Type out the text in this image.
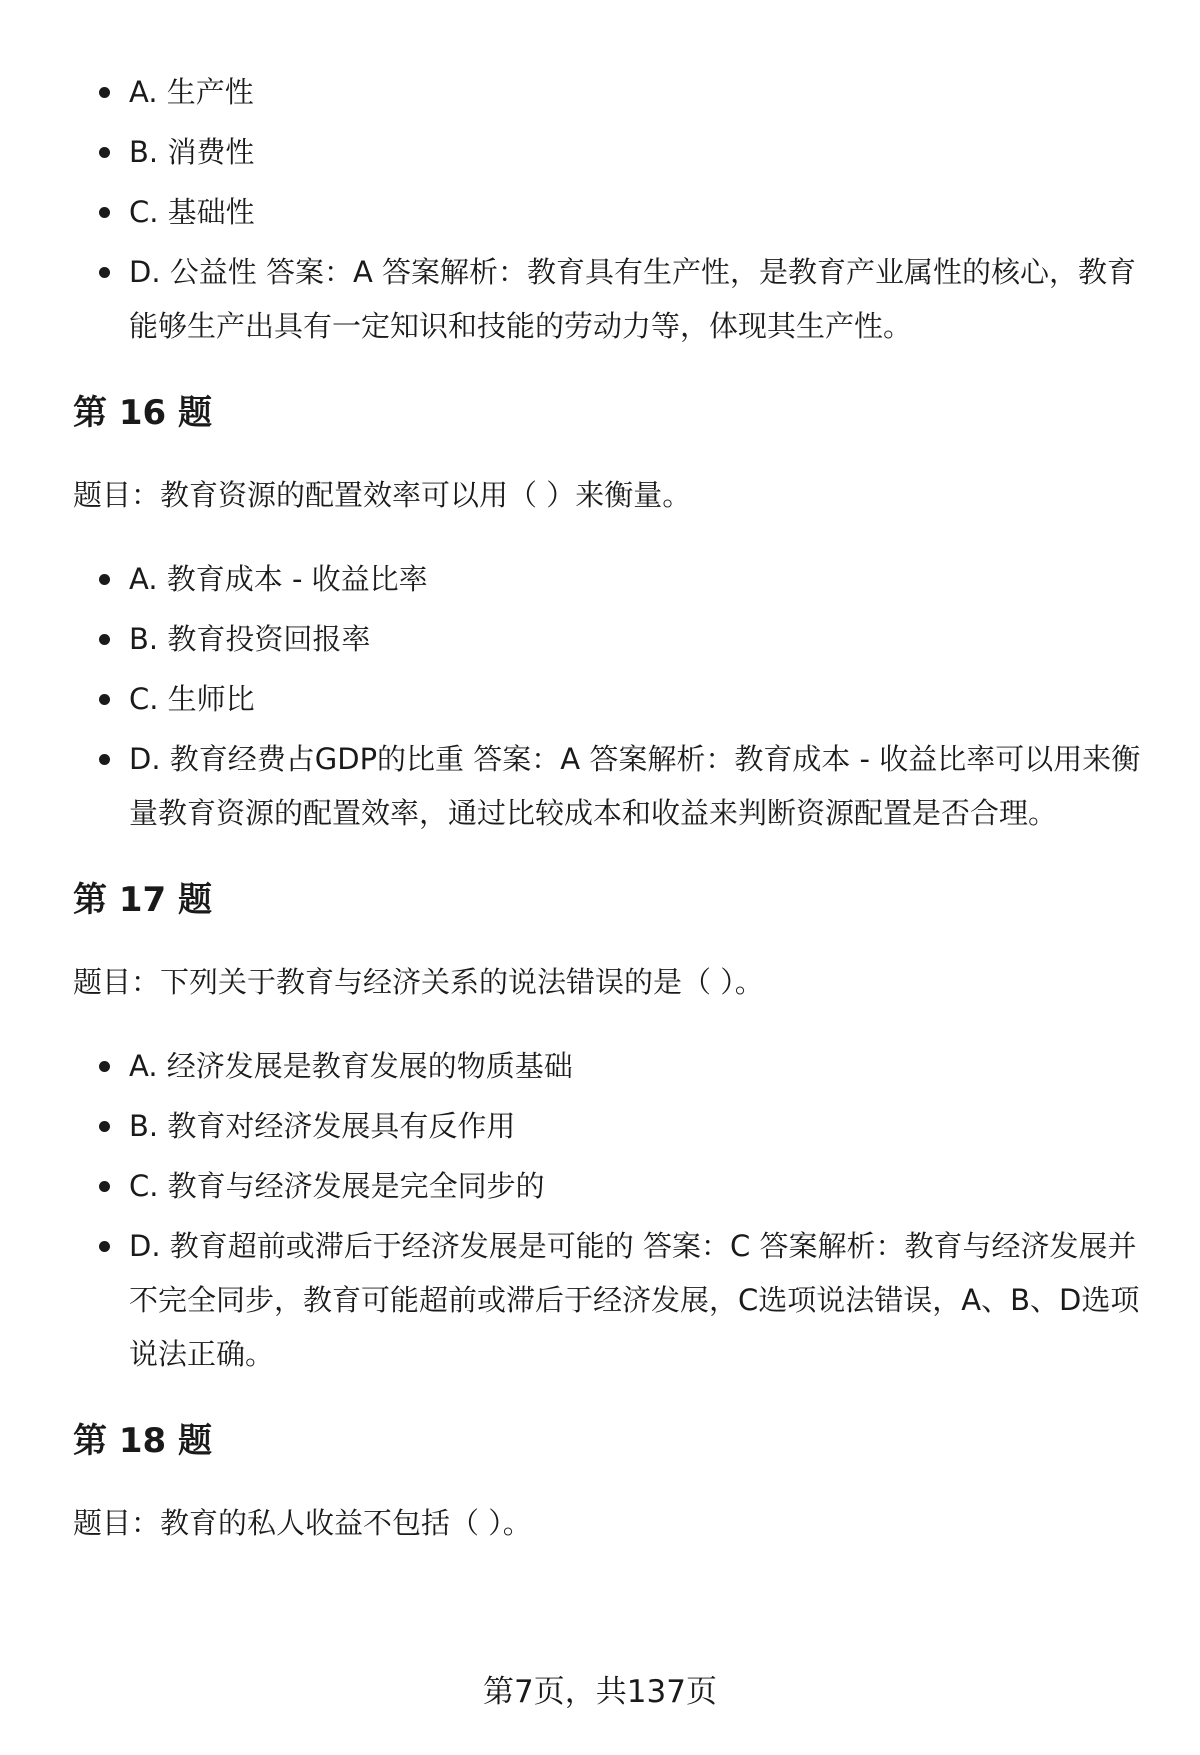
A. 生产性
B. 消费性
C. 基础性
D. 公益性 答案：A 答案解析：教育具有生产性，是教育产业属性的核心，教育能够生产出具有一定知识和技能的劳动力等，体现其生产性。
第 16 题

题目：教育资源的配置效率可以用（ ）来衡量。

A. 教育成本 - 收益比率
B. 教育投资回报率
C. 生师比
D. 教育经费占GDP的比重 答案：A 答案解析：教育成本 - 收益比率可以用来衡量教育资源的配置效率，通过比较成本和收益来判断资源配置是否合理。
第 17 题

题目：下列关于教育与经济关系的说法错误的是（ ）。

A. 经济发展是教育发展的物质基础
B. 教育对经济发展具有反作用
C. 教育与经济发展是完全同步的
D. 教育超前或滞后于经济发展是可能的 答案：C 答案解析：教育与经济发展并不完全同步，教育可能超前或滞后于经济发展，C选项说法错误，A、B、D选项说法正确。
第 18 题

题目：教育的私人收益不包括（ ）。

第7页，共137页
